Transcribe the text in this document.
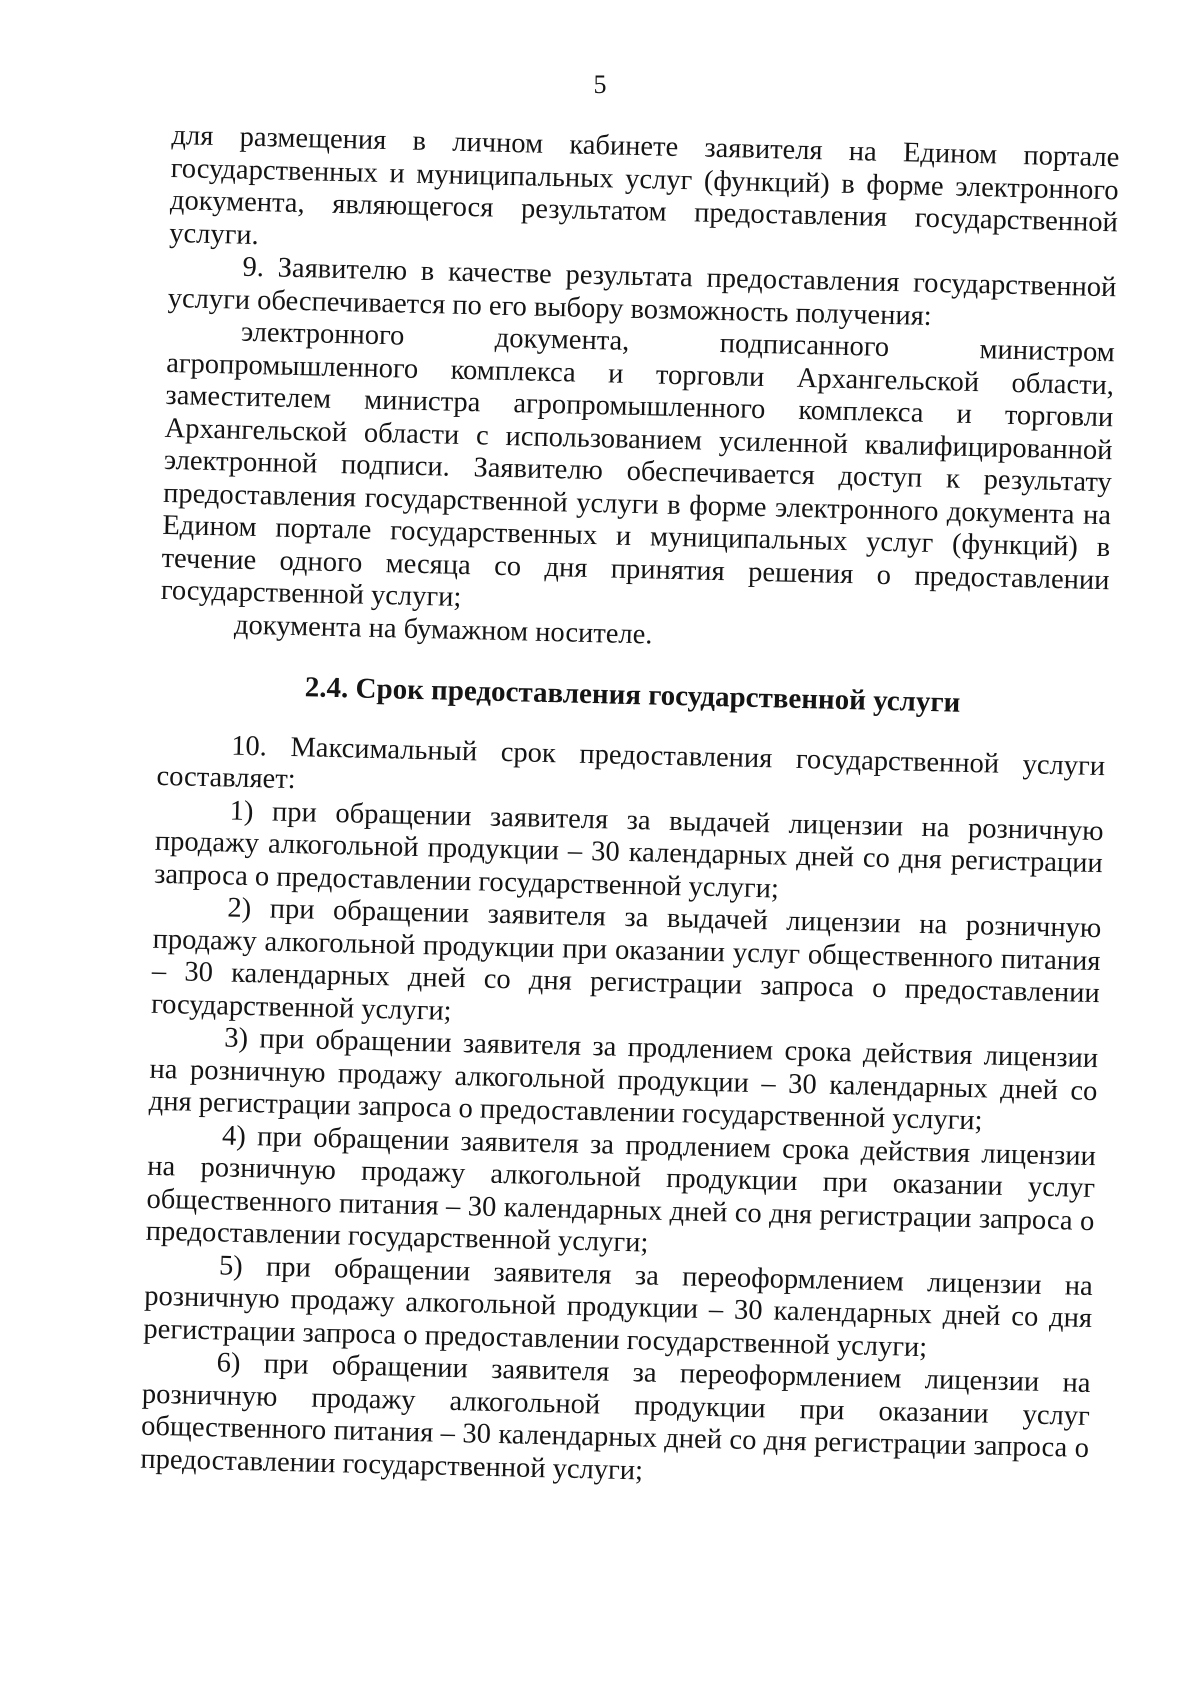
5

для размещения в личном кабинете заявителя на Едином портале государственных и муниципальных услуг (функций) в форме электронного документа, являющегося результатом предоставления государственной услуги.

9. Заявителю в качестве результата предоставления государственной услуги обеспечивается по его выбору возможность получения:

электронного документа, подписанного министром агропромышленного комплекса и торговли Архангельской области, заместителем министра агропромышленного комплекса и торговли Архангельской области с использованием усиленной квалифицированной электронной подписи. Заявителю обеспечивается доступ к результату предоставления государственной услуги в форме электронного документа на Едином портале государственных и муниципальных услуг (функций) в течение одного месяца со дня принятия решения о предоставлении государственной услуги;

документа на бумажном носителе.

2.4. Срок предоставления государственной услуги

10. Максимальный срок предоставления государственной услуги составляет:

1) при обращении заявителя за выдачей лицензии на розничную продажу алкогольной продукции – 30 календарных дней со дня регистрации запроса о предоставлении государственной услуги;

2) при обращении заявителя за выдачей лицензии на розничную продажу алкогольной продукции при оказании услуг общественного питания – 30 календарных дней со дня регистрации запроса о предоставлении государственной услуги;

3) при обращении заявителя за продлением срока действия лицензии на розничную продажу алкогольной продукции – 30 календарных дней со дня регистрации запроса о предоставлении государственной услуги;

4) при обращении заявителя за продлением срока действия лицензии на розничную продажу алкогольной продукции при оказании услуг общественного питания – 30 календарных дней со дня регистрации запроса о предоставлении государственной услуги;

5) при обращении заявителя за переоформлением лицензии на розничную продажу алкогольной продукции – 30 календарных дней со дня регистрации запроса о предоставлении государственной услуги;

6) при обращении заявителя за переоформлением лицензии на розничную продажу алкогольной продукции при оказании услуг общественного питания – 30 календарных дней со дня регистрации запроса о предоставлении государственной услуги;
